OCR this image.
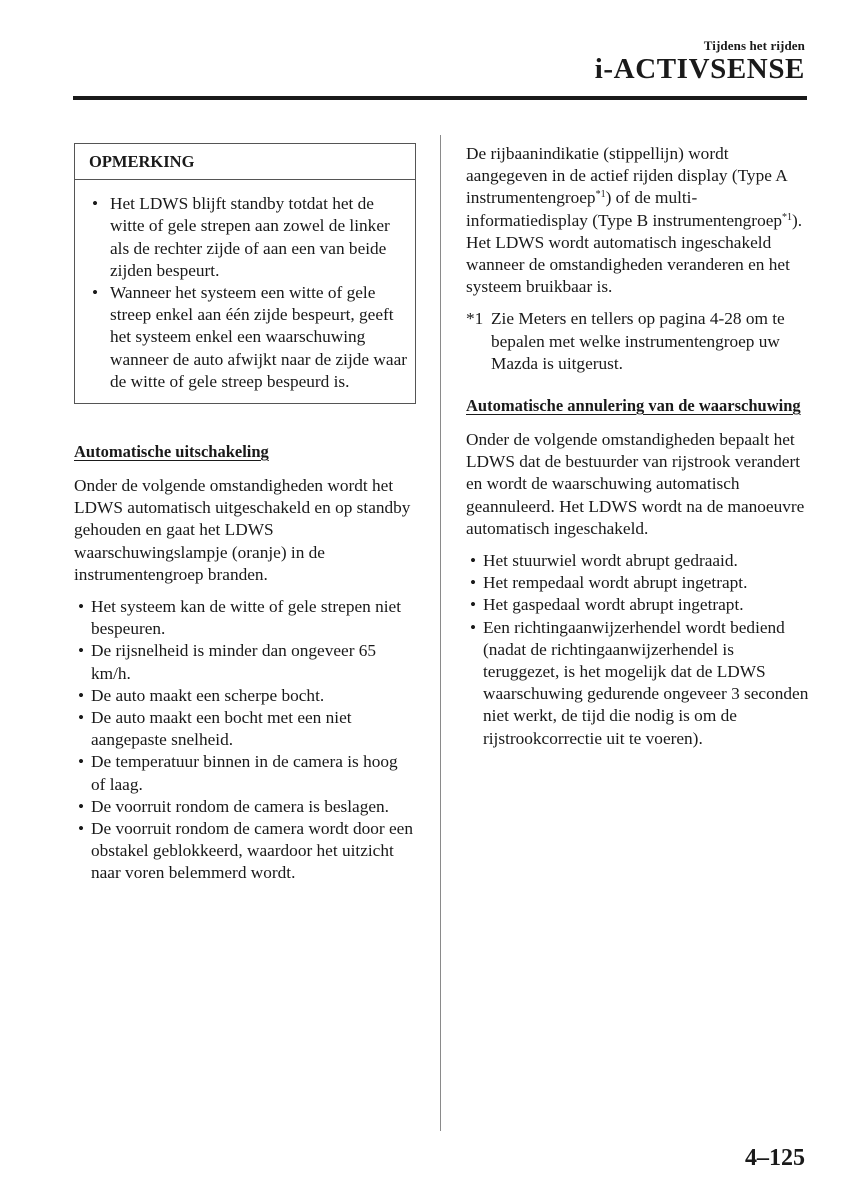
Tijdens het rijden
i-ACTIVSENSE
OPMERKING
• Het LDWS blijft standby totdat het de witte of gele strepen aan zowel de linker als de rechter zijde of aan een van beide zijden bespeurt.
• Wanneer het systeem een witte of gele streep enkel aan één zijde bespeurt, geeft het systeem enkel een waarschuwing wanneer de auto afwijkt naar de zijde waar de witte of gele streep bespeurd is.
Automatische uitschakeling

Onder de volgende omstandigheden wordt het LDWS automatisch uitgeschakeld en op standby gehouden en gaat het LDWS waarschuwingslampje (oranje) in de instrumentengroep branden.

• Het systeem kan de witte of gele strepen niet bespeuren.
• De rijsnelheid is minder dan ongeveer 65 km/h.
• De auto maakt een scherpe bocht.
• De auto maakt een bocht met een niet aangepaste snelheid.
• De temperatuur binnen in de camera is hoog of laag.
• De voorruit rondom de camera is beslagen.
• De voorruit rondom de camera wordt door een obstakel geblokkeerd, waardoor het uitzicht naar voren belemmerd wordt.

De rijbaanindikatie (stippellijn) wordt aangegeven in de actief rijden display (Type A instrumentengroep$^{*1}$) of de multi-informatiedisplay (Type B instrumentengroep$^{*1}$).

Het LDWS wordt automatisch ingeschakeld wanneer de omstandigheden veranderen en het systeem bruikbaar is.

*1 Zie Meters en tellers op pagina 4-28 om te bepalen met welke instrumentengroep uw Mazda is uitgerust.
Automatische annulering van de waarschuwing

Onder de volgende omstandigheden bepaalt het LDWS dat de bestuurder van rijstrook verandert en wordt de waarschuwing automatisch geannuleerd. Het LDWS wordt na de manoeuvre automatisch ingeschakeld.

• Het stuurwiel wordt abrupt gedraaid.
• Het rempedaal wordt abrupt ingetrapt.
• Het gaspedaal wordt abrupt ingetrapt.
• Een richtingaanwijzerhendel wordt bediend (nadat de richtingaanwijzerhendel is teruggezet, is het mogelijk dat de LDWS waarschuwing gedurende ongeveer 3 seconden niet werkt, de tijd die nodig is om de rijstrookcorrectie uit te voeren).
4–125
